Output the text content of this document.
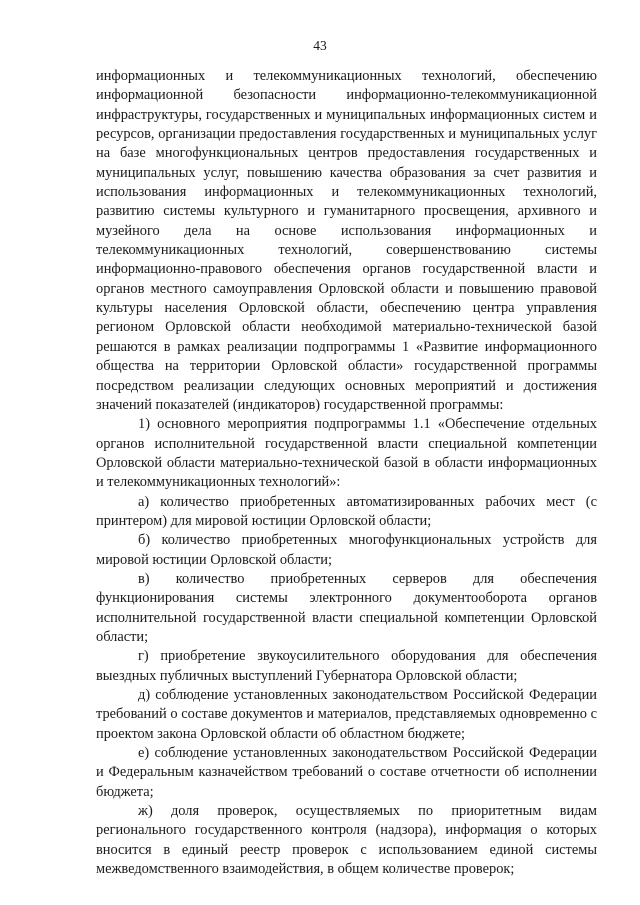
43

информационных и телекоммуникационных технологий, обеспечению информационной безопасности информационно-телекоммуникационной инфраструктуры, государственных и муниципальных информационных систем и ресурсов, организации предоставления государственных и муниципальных услуг на базе многофункциональных центров предоставления государственных и муниципальных услуг, повышению качества образования за счет развития и использования информационных и телекоммуникационных технологий, развитию системы культурного и гуманитарного просвещения, архивного и музейного дела на основе использования информационных и телекоммуникационных технологий, совершенствованию системы информационно-правового обеспечения органов государственной власти и органов местного самоуправления Орловской области и повышению правовой культуры населения Орловской области, обеспечению центра управления регионом Орловской области необходимой материально-технической базой решаются в рамках реализации подпрограммы 1 «Развитие информационного общества на территории Орловской области» государственной программы посредством реализации следующих основных мероприятий и достижения значений показателей (индикаторов) государственной программы:

1) основного мероприятия подпрограммы 1.1 «Обеспечение отдельных органов исполнительной государственной власти специальной компетенции Орловской области материально-технической базой в области информационных и телекоммуникационных технологий»:

а) количество приобретенных автоматизированных рабочих мест (с принтером) для мировой юстиции Орловской области;

б) количество приобретенных многофункциональных устройств для мировой юстиции Орловской области;

в) количество приобретенных серверов для обеспечения функционирования системы электронного документооборота органов исполнительной государственной власти специальной компетенции Орловской области;

г) приобретение звукоусилительного оборудования для обеспечения выездных публичных выступлений Губернатора Орловской области;

д) соблюдение установленных законодательством Российской Федерации требований о составе документов и материалов, представляемых одновременно с проектом закона Орловской области об областном бюджете;

е) соблюдение установленных законодательством Российской Федерации и Федеральным казначейством требований о составе отчетности об исполнении бюджета;

ж) доля проверок, осуществляемых по приоритетным видам регионального государственного контроля (надзора), информация о которых вносится в единый реестр проверок с использованием единой системы межведомственного взаимодействия, в общем количестве проверок;
